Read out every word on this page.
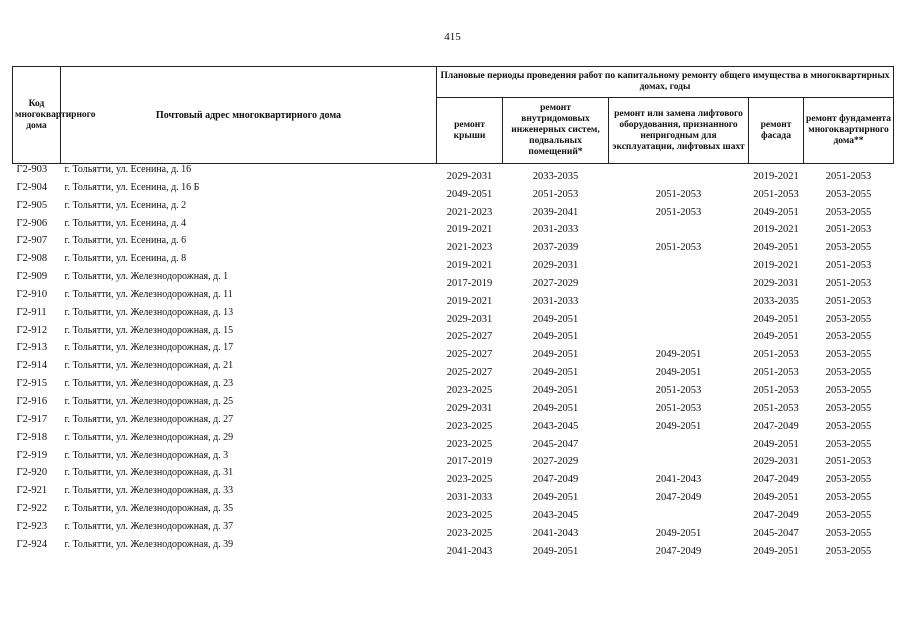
415
Код многоквартирного дома	Почтовый адрес многоквартирного дома	Плановые периоды проведения работ по капитальному ремонту общего имущества в многоквартирных домах, годы				
		ремонт крыши	ремонт внутридомовых инженерных систем, подвальных помещений*	ремонт или замена лифтового оборудования, признанного непригодным для эксплуатации, лифтовых шахт	ремонт фасада	ремонт фундамента многоквартирного дома**
Г2-903	г. Тольятти, ул. Есенина, д. 16	2029-2031	2033-2035		2019-2021	2051-2053
Г2-904	г. Тольятти, ул. Есенина, д. 16 Б	2049-2051	2051-2053	2051-2053	2051-2053	2053-2055
Г2-905	г. Тольятти, ул. Есенина, д. 2	2021-2023	2039-2041	2051-2053	2049-2051	2053-2055
Г2-906	г. Тольятти, ул. Есенина, д. 4	2019-2021	2031-2033		2019-2021	2051-2053
Г2-907	г. Тольятти, ул. Есенина, д. 6	2021-2023	2037-2039	2051-2053	2049-2051	2053-2055
Г2-908	г. Тольятти, ул. Есенина, д. 8	2019-2021	2029-2031		2019-2021	2051-2053
Г2-909	г. Тольятти, ул. Железнодорожная, д. 1	2017-2019	2027-2029		2029-2031	2051-2053
Г2-910	г. Тольятти, ул. Железнодорожная, д. 11	2019-2021	2031-2033		2033-2035	2051-2053
Г2-911	г. Тольятти, ул. Железнодорожная, д. 13	2029-2031	2049-2051		2049-2051	2053-2055
Г2-912	г. Тольятти, ул. Железнодорожная, д. 15	2025-2027	2049-2051		2049-2051	2053-2055
Г2-913	г. Тольятти, ул. Железнодорожная, д. 17	2025-2027	2049-2051	2049-2051	2051-2053	2053-2055
Г2-914	г. Тольятти, ул. Железнодорожная, д. 21	2025-2027	2049-2051	2049-2051	2051-2053	2053-2055
Г2-915	г. Тольятти, ул. Железнодорожная, д. 23	2023-2025	2049-2051	2051-2053	2051-2053	2053-2055
Г2-916	г. Тольятти, ул. Железнодорожная, д. 25	2029-2031	2049-2051	2051-2053	2051-2053	2053-2055
Г2-917	г. Тольятти, ул. Железнодорожная, д. 27	2023-2025	2043-2045	2049-2051	2047-2049	2053-2055
Г2-918	г. Тольятти, ул. Железнодорожная, д. 29	2023-2025	2045-2047		2049-2051	2053-2055
Г2-919	г. Тольятти, ул. Железнодорожная, д. 3	2017-2019	2027-2029		2029-2031	2051-2053
Г2-920	г. Тольятти, ул. Железнодорожная, д. 31	2023-2025	2047-2049	2041-2043	2047-2049	2053-2055
Г2-921	г. Тольятти, ул. Железнодорожная, д. 33	2031-2033	2049-2051	2047-2049	2049-2051	2053-2055
Г2-922	г. Тольятти, ул. Железнодорожная, д. 35	2023-2025	2043-2045		2047-2049	2053-2055
Г2-923	г. Тольятти, ул. Железнодорожная, д. 37	2023-2025	2041-2043	2049-2051	2045-2047	2053-2055
Г2-924	г. Тольятти, ул. Железнодорожная, д. 39	2041-2043	2049-2051	2047-2049	2049-2051	2053-2055
